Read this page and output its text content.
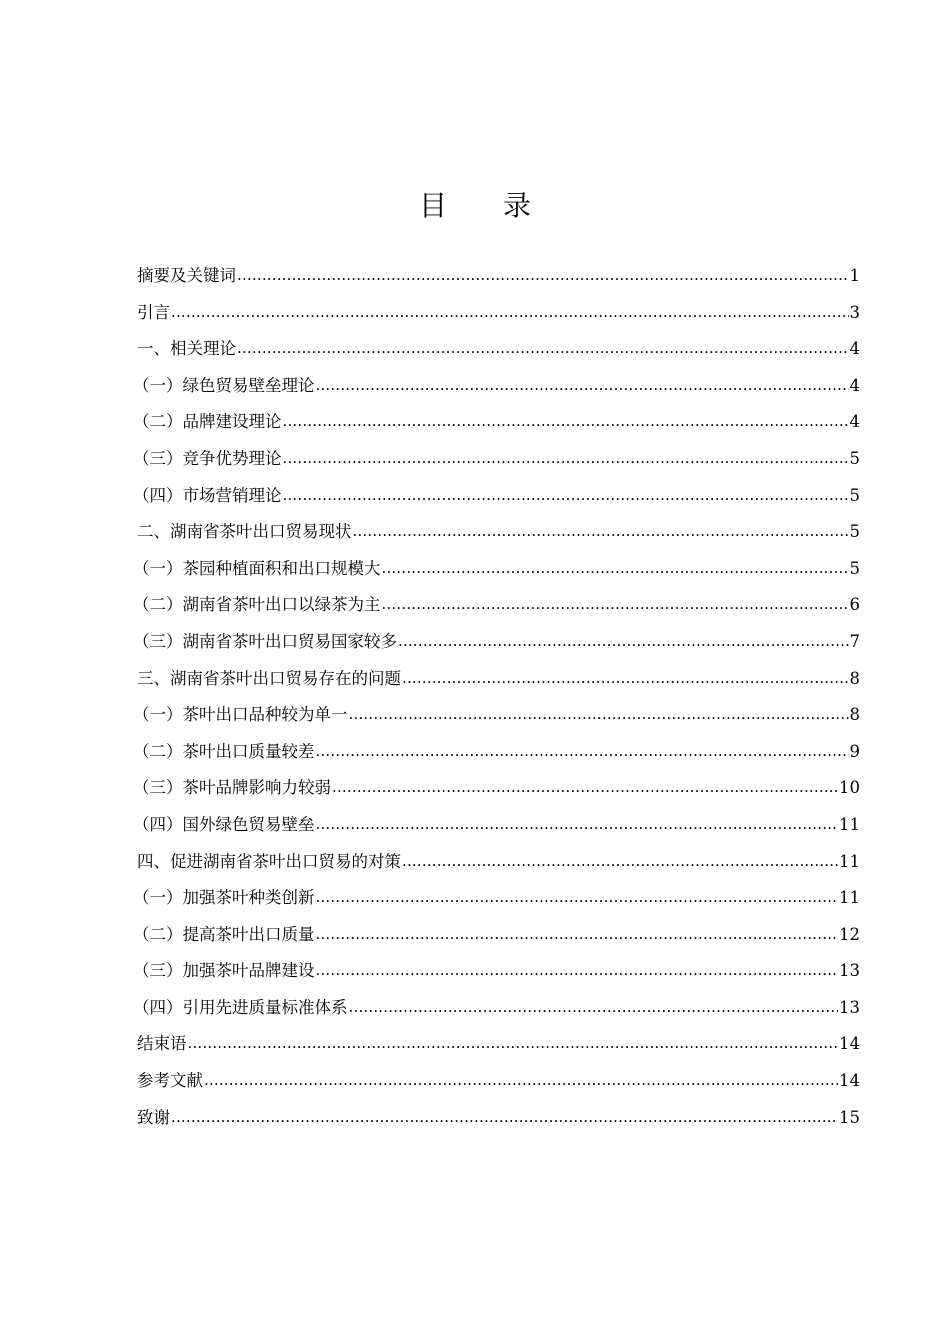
目 录
摘要及关键词 .....	1
引言 .....	3
一、相关理论 .....	4
（一）绿色贸易壁垒理论 .....	4
（二）品牌建设理论 .....	4
（三）竞争优势理论 .....	5
（四）市场营销理论 .....	5
二、湖南省茶叶出口贸易现状 .....	5
（一）茶园种植面积和出口规模大 .....	5
（二）湖南省茶叶出口以绿茶为主 .....	6
（三）湖南省茶叶出口贸易国家较多 .....	7
三、湖南省茶叶出口贸易存在的问题 .....	8
（一）茶叶出口品种较为单一 .....	8
（二）茶叶出口质量较差 .....	9
（三）茶叶品牌影响力较弱 .....	10
（四）国外绿色贸易壁垒 .....	11
四、促进湖南省茶叶出口贸易的对策 .....	11
（一）加强茶叶种类创新 .....	11
（二）提高茶叶出口质量 .....	12
（三）加强茶叶品牌建设 .....	13
（四）引用先进质量标准体系 .....	13
结束语 .....	14
参考文献 .....	14
致谢 .....	15
